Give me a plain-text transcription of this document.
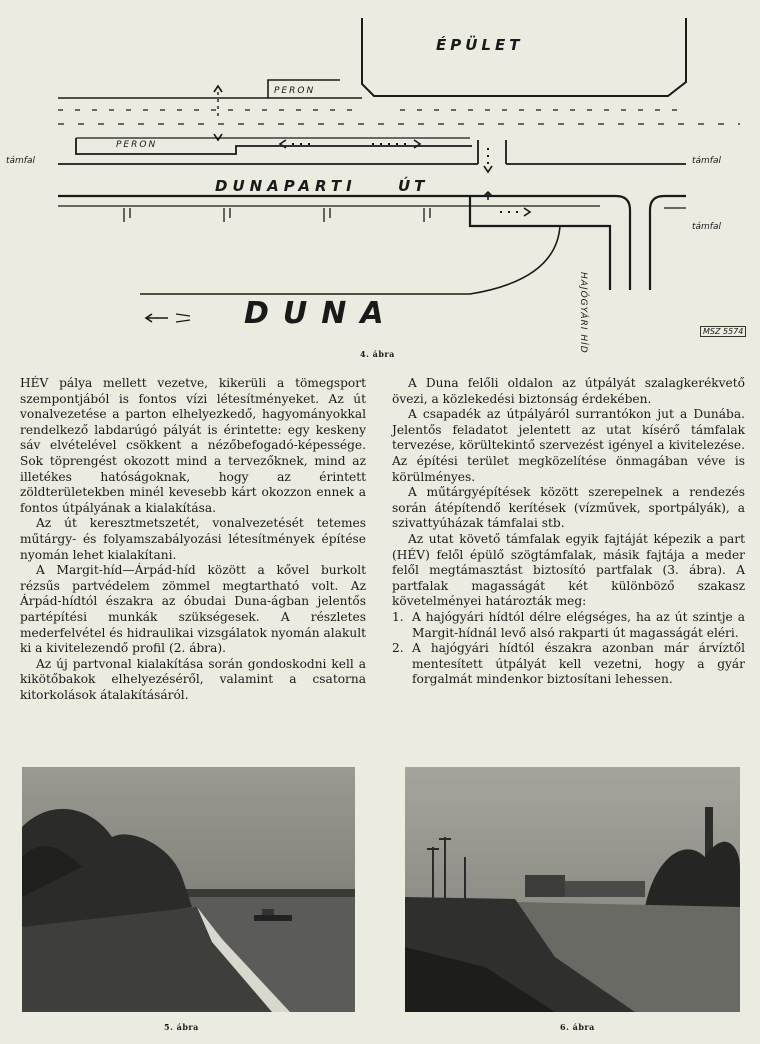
ÉPÜLET
PERON
PERON
támfal	támfal
támfal
DUNAPARTI	ÚT
HAJÓGYÁRI HÍD
DUNA
MSZ 5574
4. ábra

HÉV pálya mellett vezetve, kikerüli a tömegsport szempontjából is fontos vízi létesítményeket. Az út vonalvezetése a parton elhelyezkedő, hagyományokkal rendelkező labdarúgó pályát is érintette: egy keskeny sáv elvételével csökkent a nézőbefogadó-képessége. Sok töprengést okozott mind a tervezőknek, mind az illetékes hatóságoknak, hogy az érintett zöldterületekben minél kevesebb kárt okozzon ennek a fontos útpályának a kialakítása.

Az út keresztmetszetét, vonalvezetését tetemes műtárgy- és folyamszabályozási létesítmények építése nyomán lehet kialakítani.

A Margit-híd—Árpád-híd között a kővel burkolt rézsűs partvédelem zömmel megtartható volt. Az Árpád-hídtól északra az óbudai Duna-ágban jelentős partépítési munkák szükségesek. A részletes mederfelvétel és hidraulikai vizsgálatok nyomán alakult ki a kivitelezendő profil (2. ábra).

Az új partvonal kialakítása során gondoskodni kell a kikötőbakok elhelyezéséről, valamint a csatorna kitorkolások átalakításáról.

A Duna felőli oldalon az útpályát szalagkerékvető övezi, a közlekedési biztonság érdekében.

A csapadék az útpályáról surrantókon jut a Dunába. Jelentős feladatot jelentett az utat kísérő támfalak tervezése, körültekintő szervezést igényel a kivitelezése. Az építési terület megközelítése önmagában véve is körülményes.

A műtárgyépítések között szerepelnek a rendezés során átépítendő kerítések (vízművek, sportpályák), a szivattyúházak támfalai stb.

Az utat követő támfalak egyik fajtáját képezik a part (HÉV) felől épülő szögtámfalak, másik fajtája a meder felől megtámasztást biztosító partfalak (3. ábra). A partfalak magasságát két különböző szakasz követelményei határozták meg:

1. A hajógyári hídtól délre elégséges, ha az út szintje a Margit-hídnál levő alsó rakparti út magasságát eléri.
2. A hajógyári hídtól északra azonban már árvíztől mentesített útpályát kell vezetni, hogy a gyár forgalmát mindenkor biztosítani lehessen.
5. ábra	6. ábra
